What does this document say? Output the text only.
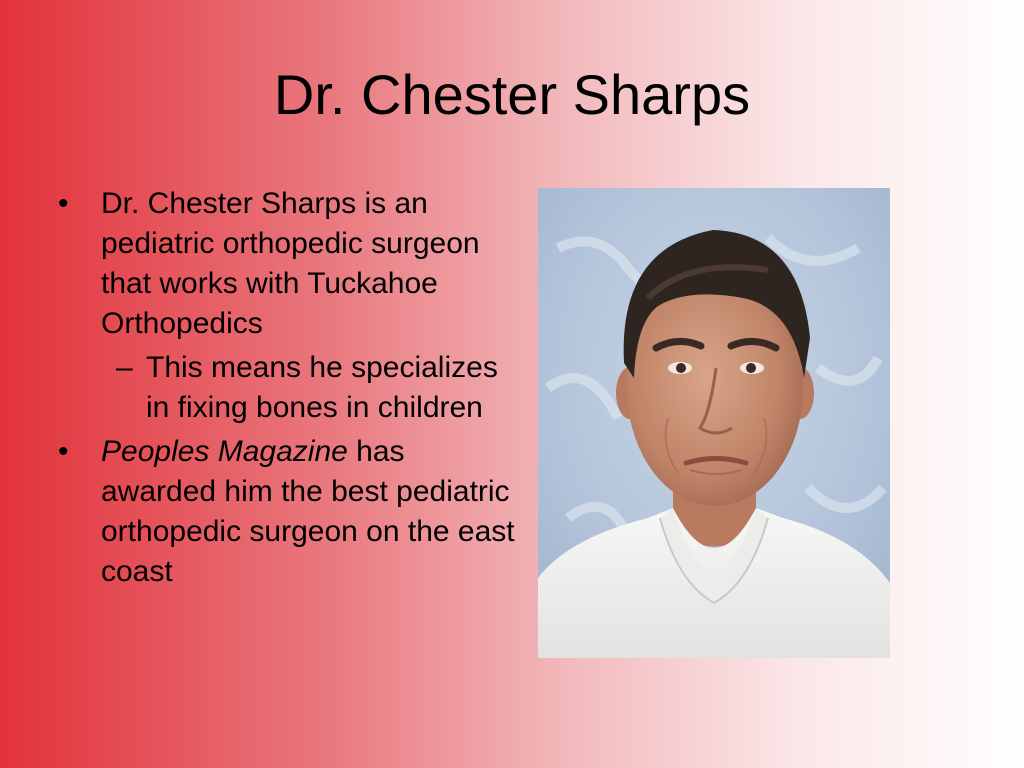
Dr. Chester Sharps
• Dr. Chester Sharps is an pediatric orthopedic surgeon that works with Tuckahoe Orthopedics
– This means he specializes in fixing bones in children
• Peoples Magazine has awarded him the best pediatric orthopedic surgeon on the east coast
